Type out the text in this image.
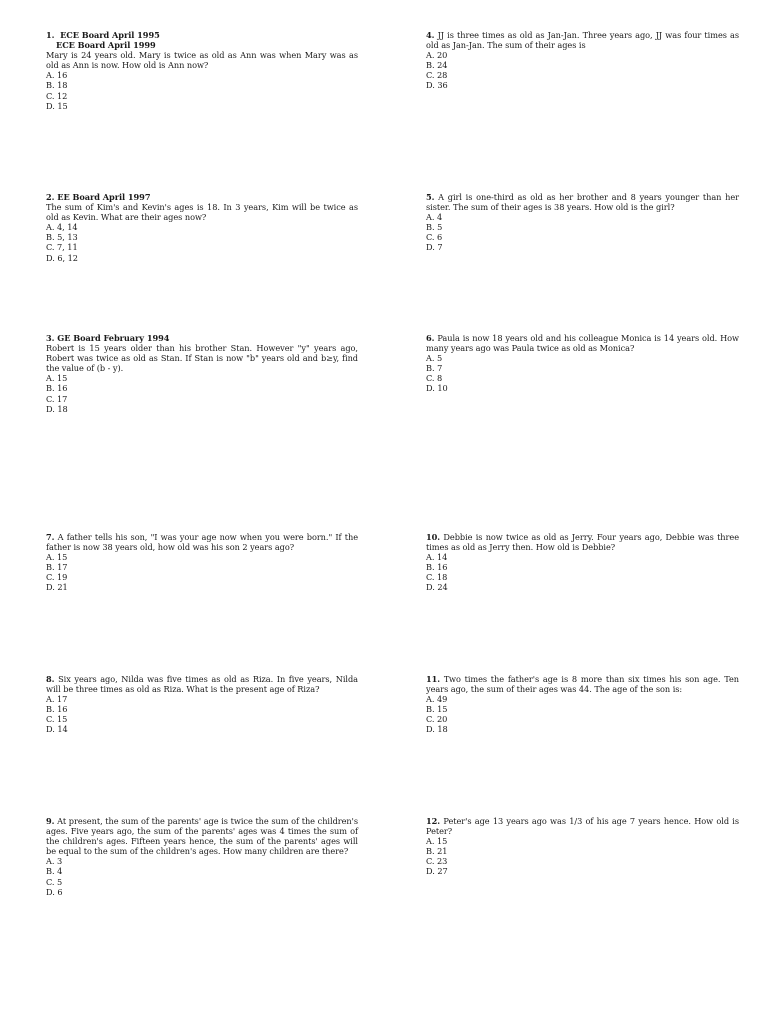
1. ECE Board April 1995
ECE Board April 1999
Mary is 24 years old. Mary is twice as old as Ann was when Mary was as old as Ann is now. How old is Ann now?
A. 16
B. 18
C. 12
D. 15
2. EE Board April 1997
The sum of Kim's and Kevin's ages is 18. In 3 years, Kim will be twice as old as Kevin. What are their ages now?
A. 4, 14
B. 5, 13
C. 7, 11
D. 6, 12
3. GE Board February 1994
Robert is 15 years older than his brother Stan. However "y" years ago, Robert was twice as old as Stan. If Stan is now "b" years old and b≥y, find the value of (b - y).
A. 15
B. 16
C. 17
D. 18
7. A father tells his son, "I was your age now when you were born." If the father is now 38 years old, how old was his son 2 years ago?
A. 15
B. 17
C. 19
D. 21
8. Six years ago, Nilda was five times as old as Riza. In five years, Nilda will be three times as old as Riza. What is the present age of Riza?
A. 17
B. 16
C. 15
D. 14
9. At present, the sum of the parents' age is twice the sum of the children's ages. Five years ago, the sum of the parents' ages was 4 times the sum of the children's ages. Fifteen years hence, the sum of the parents' ages will be equal to the sum of the children's ages. How many children are there?
A. 3
B. 4
C. 5
D. 6
4. JJ is three times as old as Jan-Jan. Three years ago, JJ was four times as old as Jan-Jan. The sum of their ages is
A. 20
B. 24
C. 28
D. 36
5. A girl is one-third as old as her brother and 8 years younger than her sister. The sum of their ages is 38 years. How old is the girl?
A. 4
B. 5
C. 6
D. 7
6. Paula is now 18 years old and his colleague Monica is 14 years old. How many years ago was Paula twice as old as Monica?
A. 5
B. 7
C. 8
D. 10
10. Debbie is now twice as old as Jerry. Four years ago, Debbie was three times as old as Jerry then. How old is Debbie?
A. 14
B. 16
C. 18
D. 24
11. Two times the father's age is 8 more than six times his son age. Ten years ago, the sum of their ages was 44. The age of the son is:
A. 49
B. 15
C. 20
D. 18
12. Peter's age 13 years ago was 1/3 of his age 7 years hence. How old is Peter?
A. 15
B. 21
C. 23
D. 27
